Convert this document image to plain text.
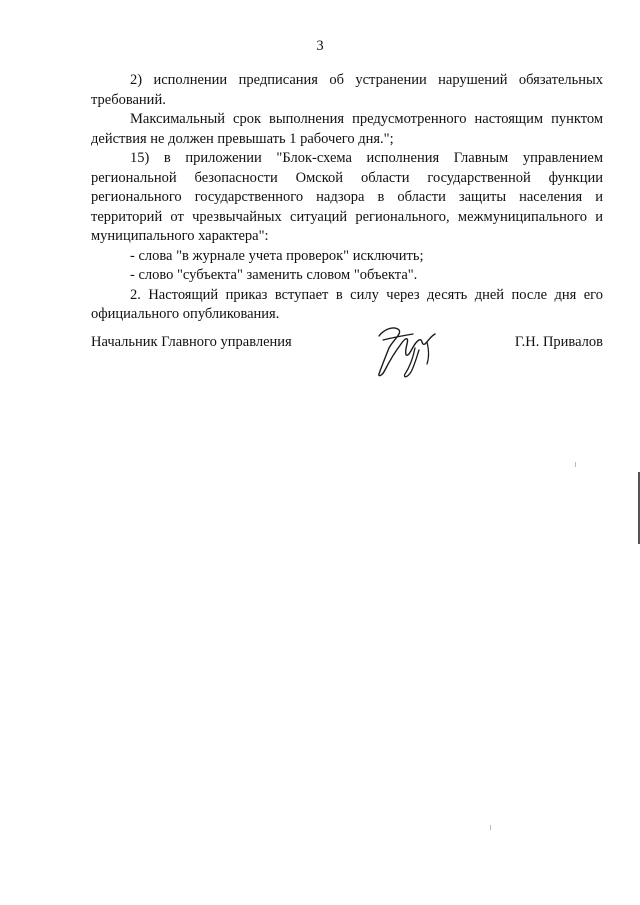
3

2) исполнении предписания об устранении нарушений обязательных требований.

Максимальный срок выполнения предусмотренного настоящим пунктом действия не должен превышать 1 рабочего дня.";

15) в приложении "Блок-схема исполнения Главным управлением региональной безопасности Омской области государственной функции регионального государственного надзора в области защиты населения и территорий от чрезвычайных ситуаций регионального, межмуниципального и муниципального характера":

- слова "в журнале учета проверок" исключить;

- слово "субъекта" заменить словом "объекта".

2. Настоящий приказ вступает в силу через десять дней после дня его официального опубликования.

Начальник Главного управления	Г.Н. Привалов
